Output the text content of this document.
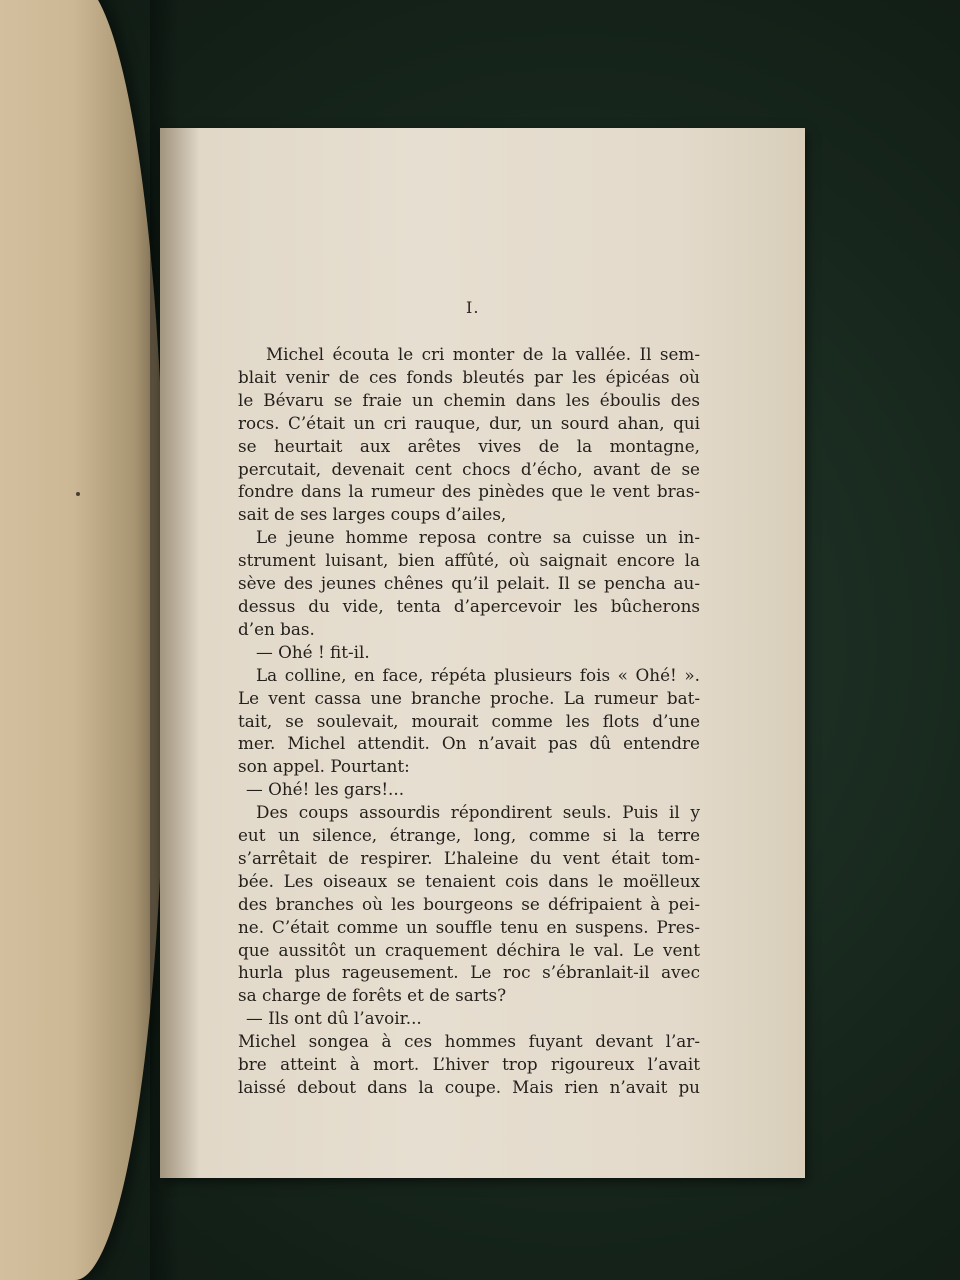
I.
Michel écouta le cri monter de la vallée. Il sem-
blait venir de ces fonds bleutés par les épicéas où
le Bévaru se fraie un chemin dans les éboulis des
rocs. C’était un cri rauque, dur, un sourd ahan, qui
se heurtait aux arêtes vives de la montagne,
percutait, devenait cent chocs d’écho, avant de se
fondre dans la rumeur des pinèdes que le vent bras-
sait de ses larges coups d’ailes,
Le jeune homme reposa contre sa cuisse un in-
strument luisant, bien affûté, où saignait encore la
sève des jeunes chênes qu’il pelait. Il se pencha au-
dessus du vide, tenta d’apercevoir les bûcherons
d’en bas.
— Ohé ! fit-il.
La colline, en face, répéta plusieurs fois « Ohé! ».
Le vent cassa une branche proche. La rumeur bat-
tait, se soulevait, mourait comme les flots d’une
mer. Michel attendit. On n’avait pas dû entendre
son appel. Pourtant:
— Ohé! les gars!...
Des coups assourdis répondirent seuls. Puis il y
eut un silence, étrange, long, comme si la terre
s’arrêtait de respirer. L’haleine du vent était tom-
bée. Les oiseaux se tenaient cois dans le moëlleux
des branches où les bourgeons se défripaient à pei-
ne. C’était comme un souffle tenu en suspens. Pres-
que aussitôt un craquement déchira le val. Le vent
hurla plus rageusement. Le roc s’ébranlait-il avec
sa charge de forêts et de sarts?
— Ils ont dû l’avoir...
Michel songea à ces hommes fuyant devant l’ar-
bre atteint à mort. L’hiver trop rigoureux l’avait
laissé debout dans la coupe. Mais rien n’avait pu
